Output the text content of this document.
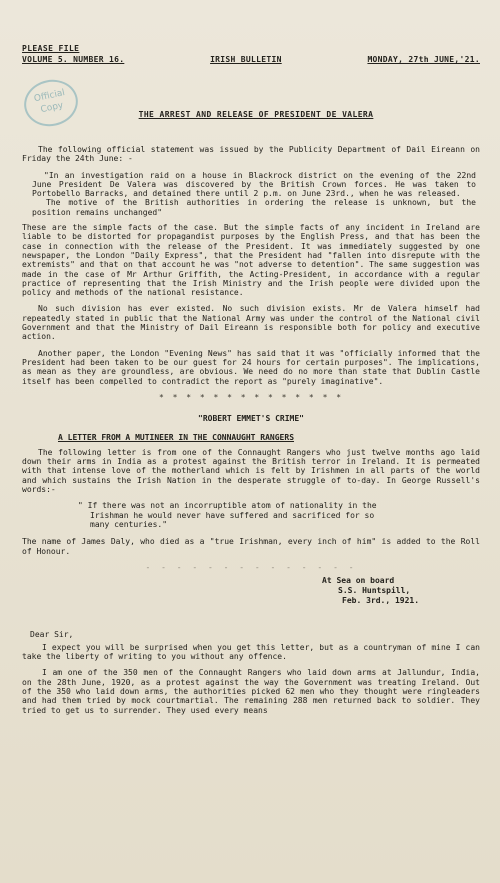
Official
Copy
PLEASE FILE
VOLUME 5. NUMBER 16.	IRISH BULLETIN	MONDAY, 27th JUNE,'21.
THE ARREST AND RELEASE OF PRESIDENT DE VALERA

The following official statement was issued by the Publicity Department of Dail Eireann on Friday the 24th June: -

"In an investigation raid on a house in Blackrock district on the evening of the 22nd June President De Valera was discovered by the British Crown forces. He was taken to Portobello Barracks, and detained there until 2 p.m. on June 23rd., when he was released.
The motive of the British authorities in ordering the release is unknown, but the position remains unchanged"

These are the simple facts of the case. But the simple facts of any incident in Ireland are liable to be distorted for propagandist purposes by the English Press, and that has been the case in connection with the release of the President. It was immediately suggested by one newspaper, the London "Daily Express", that the President had "fallen into disrepute with the extremists" and that on that account he was "not adverse to detention". The same suggestion was made in the case of Mr Arthur Griffith, the Acting-President, in accordance with a regular practice of representing that the Irish Ministry and the Irish people were divided upon the policy and methods of the national resistance.

No such division has ever existed. No such division exists. Mr de Valera himself had repeatedly stated in public that the National Army was under the control of the National civil Government and that the Ministry of Dail Eireann is responsible both for policy and executive action.

Another paper, the London "Evening News" has said that it was "officially informed that the President had been taken to be our guest for 24 hours for certain purposes". The implications, as mean as they are groundless, are obvious. We need do no more than state that Dublin Castle itself has been compelled to contradict the report as "purely imaginative".

* * * * * * * * * * * * * *
"ROBERT EMMET'S CRIME"
A LETTER FROM A MUTINEER IN THE CONNAUGHT RANGERS

The following letter is from one of the Connaught Rangers who just twelve months ago laid down their arms in India as a protest against the British terror in Ireland. It is permeated with that intense love of the motherland which is felt by Irishmen in all parts of the world and which sustains the Irish Nation in the desperate struggle of to-day. In George Russell's words:-

" If there was not an incorruptible atom of nationality in the
Irishman he would never have suffered and sacrificed for so
many centuries."

The name of James Daly, who died as a "true Irishman, every inch of him" is added to the Roll of Honour.

- - - - - - - - - - - - - -
At Sea on board
S.S. Huntspill,
Feb. 3rd., 1921.
Dear Sir,

I expect you will be surprised when you get this letter, but as a countryman of mine I can take the liberty of writing to you without any offence.

I am one of the 350 men of the Connaught Rangers who laid down arms at Jallundur, India, on the 28th June, 1920, as a protest against the way the Government was treating Ireland. Out of the 350 who laid down arms, the authorities picked 62 men who they thought were ringleaders and had them tried by mock courtmartial. The remaining 288 men returned back to soldier. They tried to get us to surrender. They used every means
